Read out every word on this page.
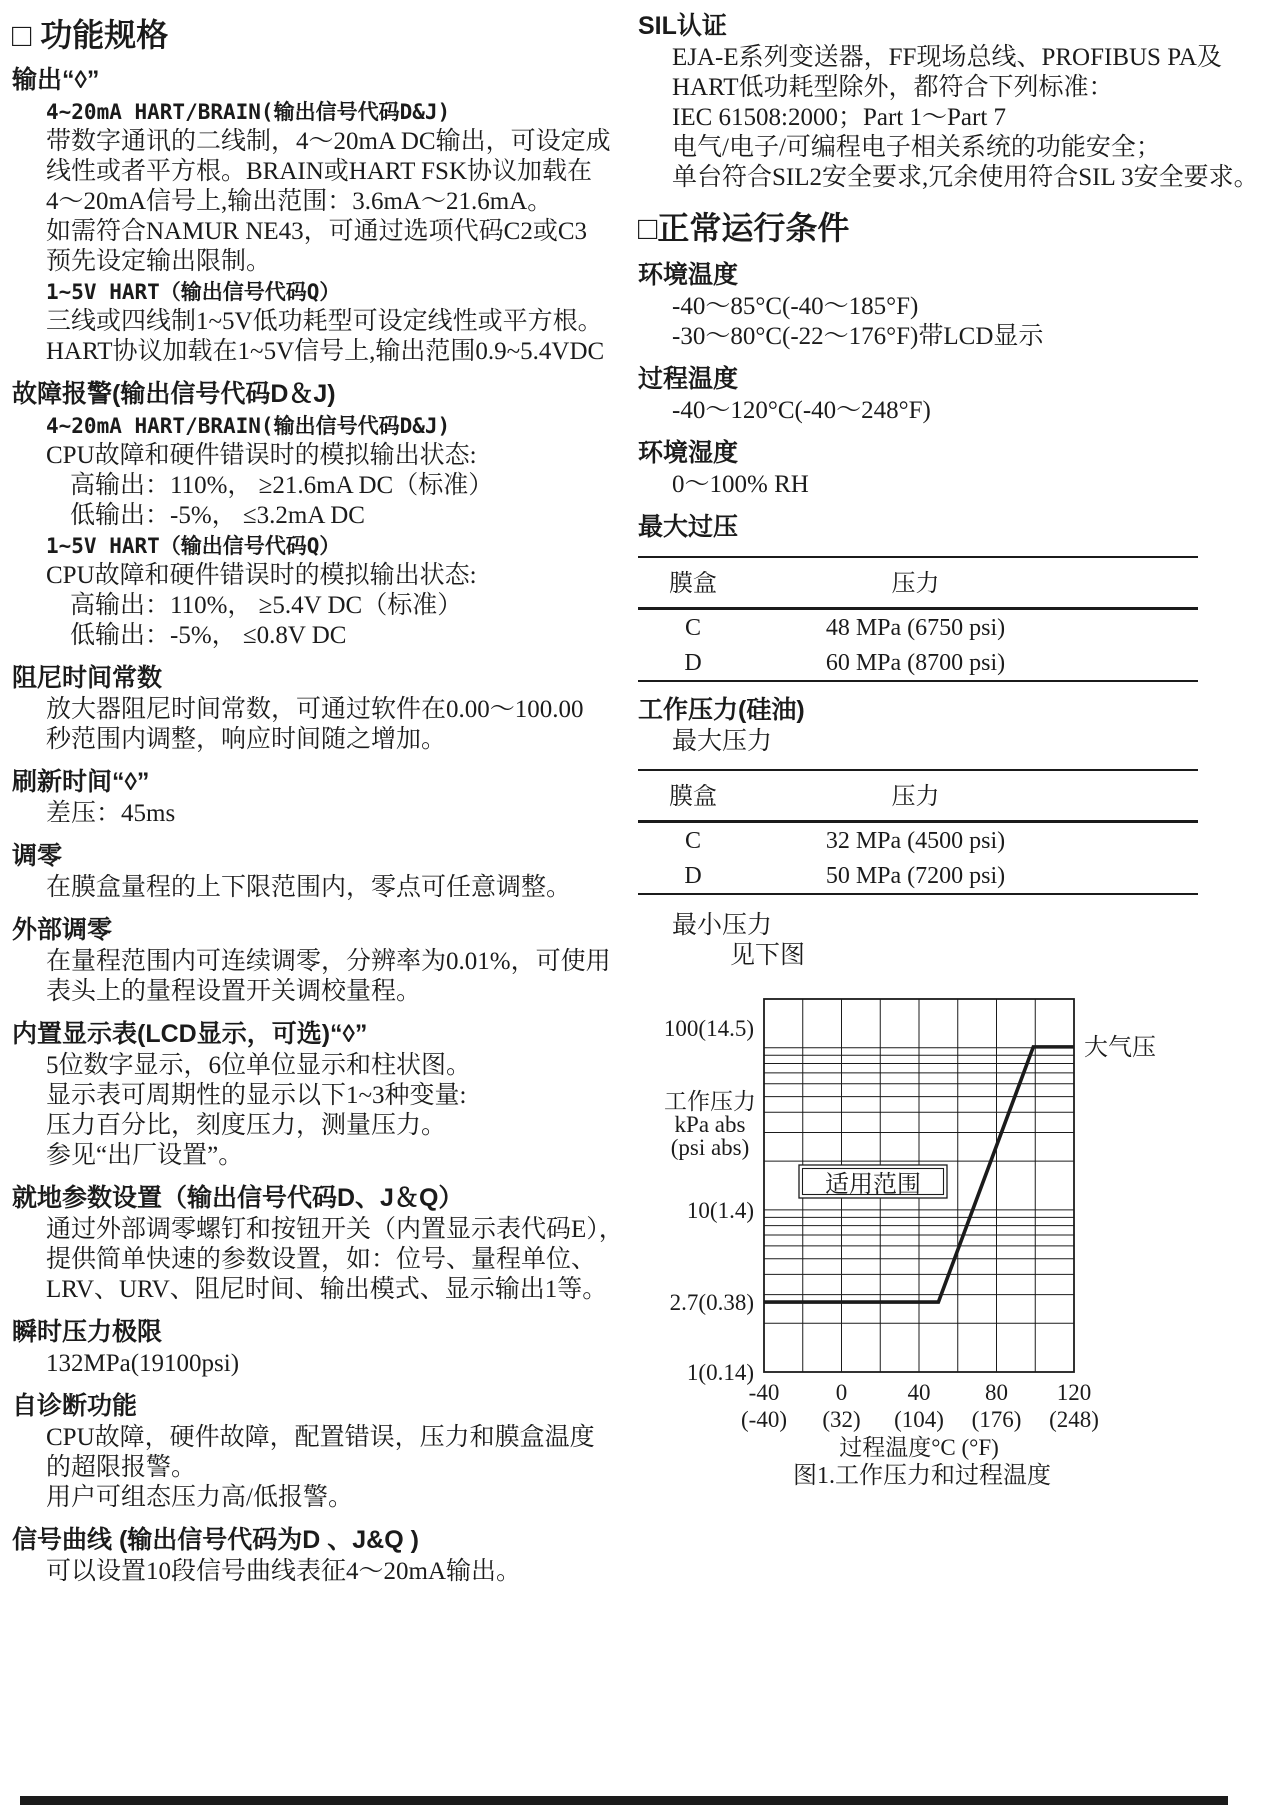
□ 功能规格
输出“◊”
4~20mA HART/BRAIN(输出信号代码D&J)
带数字通讯的二线制，4～20mA DC输出，可设定成
线性或者平方根。BRAIN或HART FSK协议加载在
4～20mA信号上,输出范围：3.6mA～21.6mA。
如需符合NAMUR NE43，可通过选项代码C2或C3
预先设定输出限制。
1~5V HART（输出信号代码Q）
三线或四线制1~5V低功耗型可设定线性或平方根。
HART协议加载在1~5V信号上,输出范围0.9~5.4VDC
故障报警(输出信号代码D＆J)
4~20mA HART/BRAIN(输出信号代码D&J)
CPU故障和硬件错误时的模拟输出状态:
高输出：110%， ≥21.6mA DC（标准）
低输出：-5%， ≤3.2mA DC
1~5V HART（输出信号代码Q）
CPU故障和硬件错误时的模拟输出状态:
高输出：110%， ≥5.4V DC（标准）
低输出：-5%， ≤0.8V DC
阻尼时间常数
放大器阻尼时间常数，可通过软件在0.00～100.00
秒范围内调整，响应时间随之增加。
刷新时间“◊”
差压：45ms
调零
在膜盒量程的上下限范围内，零点可任意调整。
外部调零
在量程范围内可连续调零，分辨率为0.01%，可使用
表头上的量程设置开关调校量程。
内置显示表(LCD显示，可选)“◊”
5位数字显示，6位单位显示和柱状图。
显示表可周期性的显示以下1~3种变量:
压力百分比，刻度压力，测量压力。
参见“出厂设置”。
就地参数设置（输出信号代码D、J＆Q）
通过外部调零螺钉和按钮开关（内置显示表代码E），
提供简单快速的参数设置，如：位号、量程单位、
LRV、URV、阻尼时间、输出模式、显示输出1等。
瞬时压力极限
132MPa(19100psi)
自诊断功能
CPU故障，硬件故障，配置错误，压力和膜盒温度
的超限报警。
用户可组态压力高/低报警。
信号曲线 (输出信号代码为D 、J&Q )
可以设置10段信号曲线表征4～20mA输出。
SIL认证
EJA-E系列变送器，FF现场总线、PROFIBUS PA及
HART低功耗型除外，都符合下列标准：
IEC 61508:2000；Part 1～Part 7
电气/电子/可编程电子相关系统的功能安全；
单台符合SIL2安全要求,冗余使用符合SIL 3安全要求。
□正常运行条件
环境温度
-40～85°C(-40～185°F)
-30～80°C(-22～176°F)带LCD显示
过程温度
-40～120°C(-40～248°F)
环境湿度
0～100% RH
最大过压
膜盒	压力
C	48 MPa (6750 psi)
D	60 MPa (8700 psi)
工作压力(硅油)
最大压力
膜盒	压力
C	32 MPa (4500 psi)
D	50 MPa (7200 psi)
最小压力
见下图
适用范围
大气压
100(14.5)
10(1.4)
2.7(0.38)
1(0.14)
工作压力
kPa abs
(psi abs)
-40
(-40)
0
(32)
40
(104)
80
(176)
120
(248)
过程温度°C (°F)
图1.工作压力和过程温度
